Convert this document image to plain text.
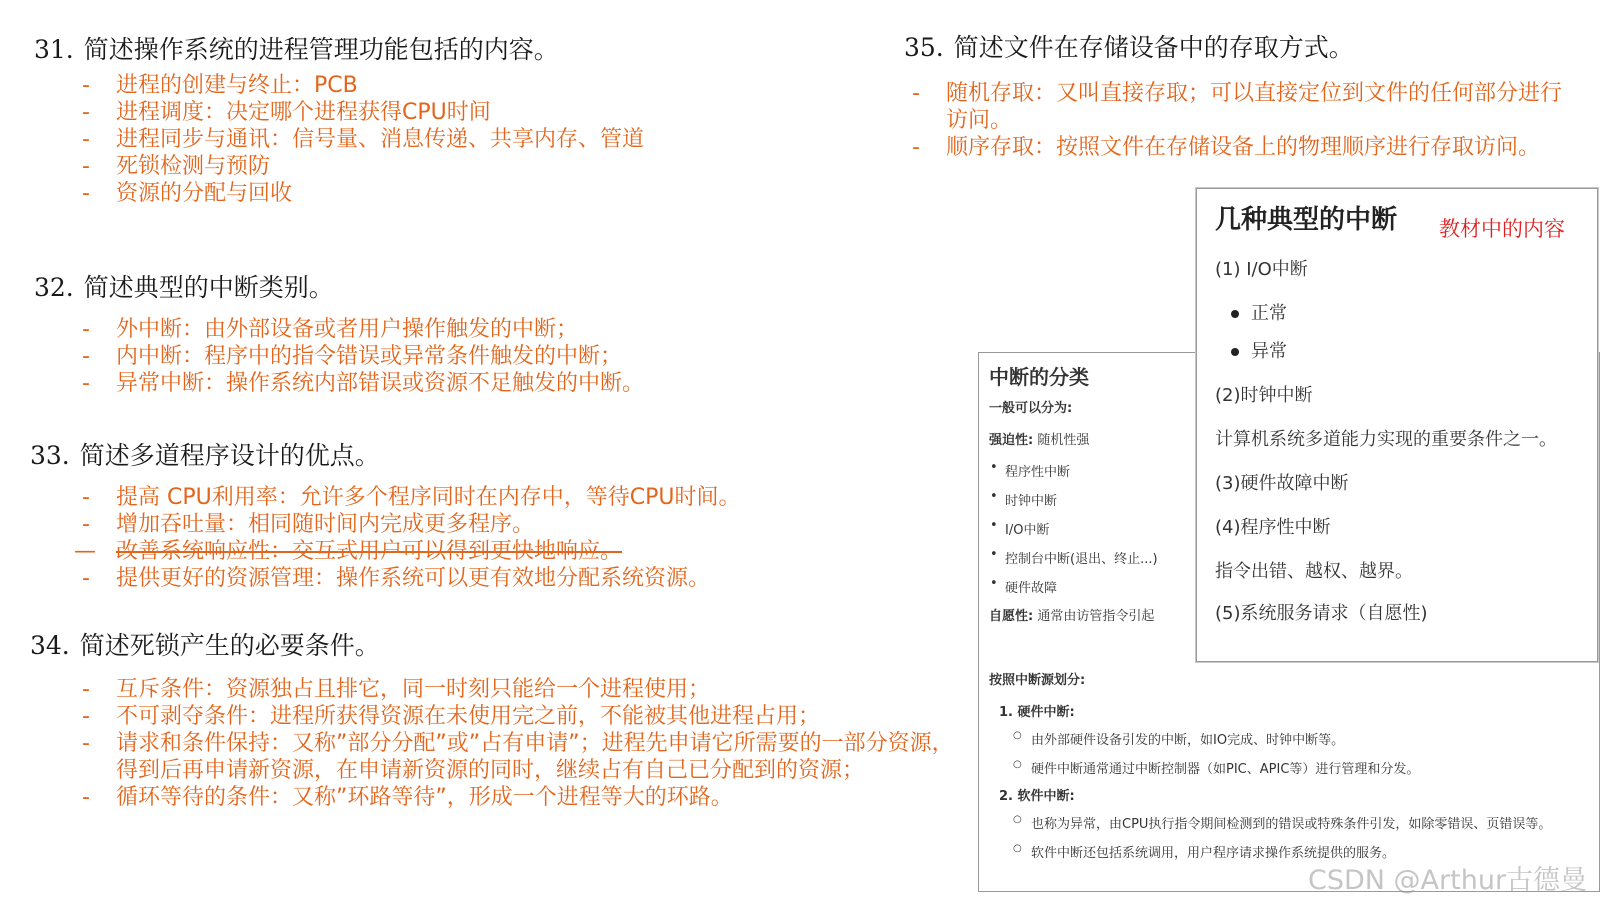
31. 简述操作系统的进程管理功能包括的内容。
- 进程的创建与终止：PCB
- 进程调度：决定哪个进程获得CPU时间
- 进程同步与通讯：信号量、消息传递、共享内存、管道
- 死锁检测与预防
- 资源的分配与回收
32. 简述典型的中断类别。
- 外中断：由外部设备或者用户操作触发的中断；
- 内中断：程序中的指令错误或异常条件触发的中断；
- 异常中断：操作系统内部错误或资源不足触发的中断。
33. 简述多道程序设计的优点。
- 提高 CPU利用率：允许多个程序同时在内存中，等待CPU时间。
- 增加吞吐量：相同随时间内完成更多程序。
— 改善系统响应性：交互式用户可以得到更快地响应。
- 提供更好的资源管理：操作系统可以更有效地分配系统资源。
34. 简述死锁产生的必要条件。
- 互斥条件：资源独占且排它，同一时刻只能给一个进程使用；
- 不可剥夺条件：进程所获得资源在未使用完之前，不能被其他进程占用；
- 请求和条件保持：又称”部分分配”或”占有申请”；进程先申请它所需要的一部分资源，得到后再申请新资源，在申请新资源的同时，继续占有自己已分配到的资源；
- 循环等待的条件：又称”环路等待”，形成一个进程等大的环路。
35. 简述文件在存储设备中的存取方式。
- 随机存取：又叫直接存取；可以直接定位到文件的任何部分进行访问。
- 顺序存取：按照文件在存储设备上的物理顺序进行存取访问。
中断的分类
一般可以分为:
强迫性: 随机性强
• 程序性中断
• 时钟中断
• I/O中断
• 控制台中断(退出、终止...)
• 硬件故障
自愿性: 通常由访管指令引起
按照中断源划分:
1. 硬件中断:
○ 由外部硬件设备引发的中断，如IO完成、时钟中断等。
○ 硬件中断通常通过中断控制器（如PIC、APIC等）进行管理和分发。
2. 软件中断:
○ 也称为异常，由CPU执行指令期间检测到的错误或特殊条件引发，如除零错误、页错误等。
○ 软件中断还包括系统调用，用户程序请求操作系统提供的服务。
几种典型的中断 教材中的内容
(1) I/O中断
正常
异常
(2)时钟中断
计算机系统多道能力实现的重要条件之一。
(3)硬件故障中断
(4)程序性中断
指令出错、越权、越界。
(5)系统服务请求（自愿性)
CSDN @Arthur古德曼
